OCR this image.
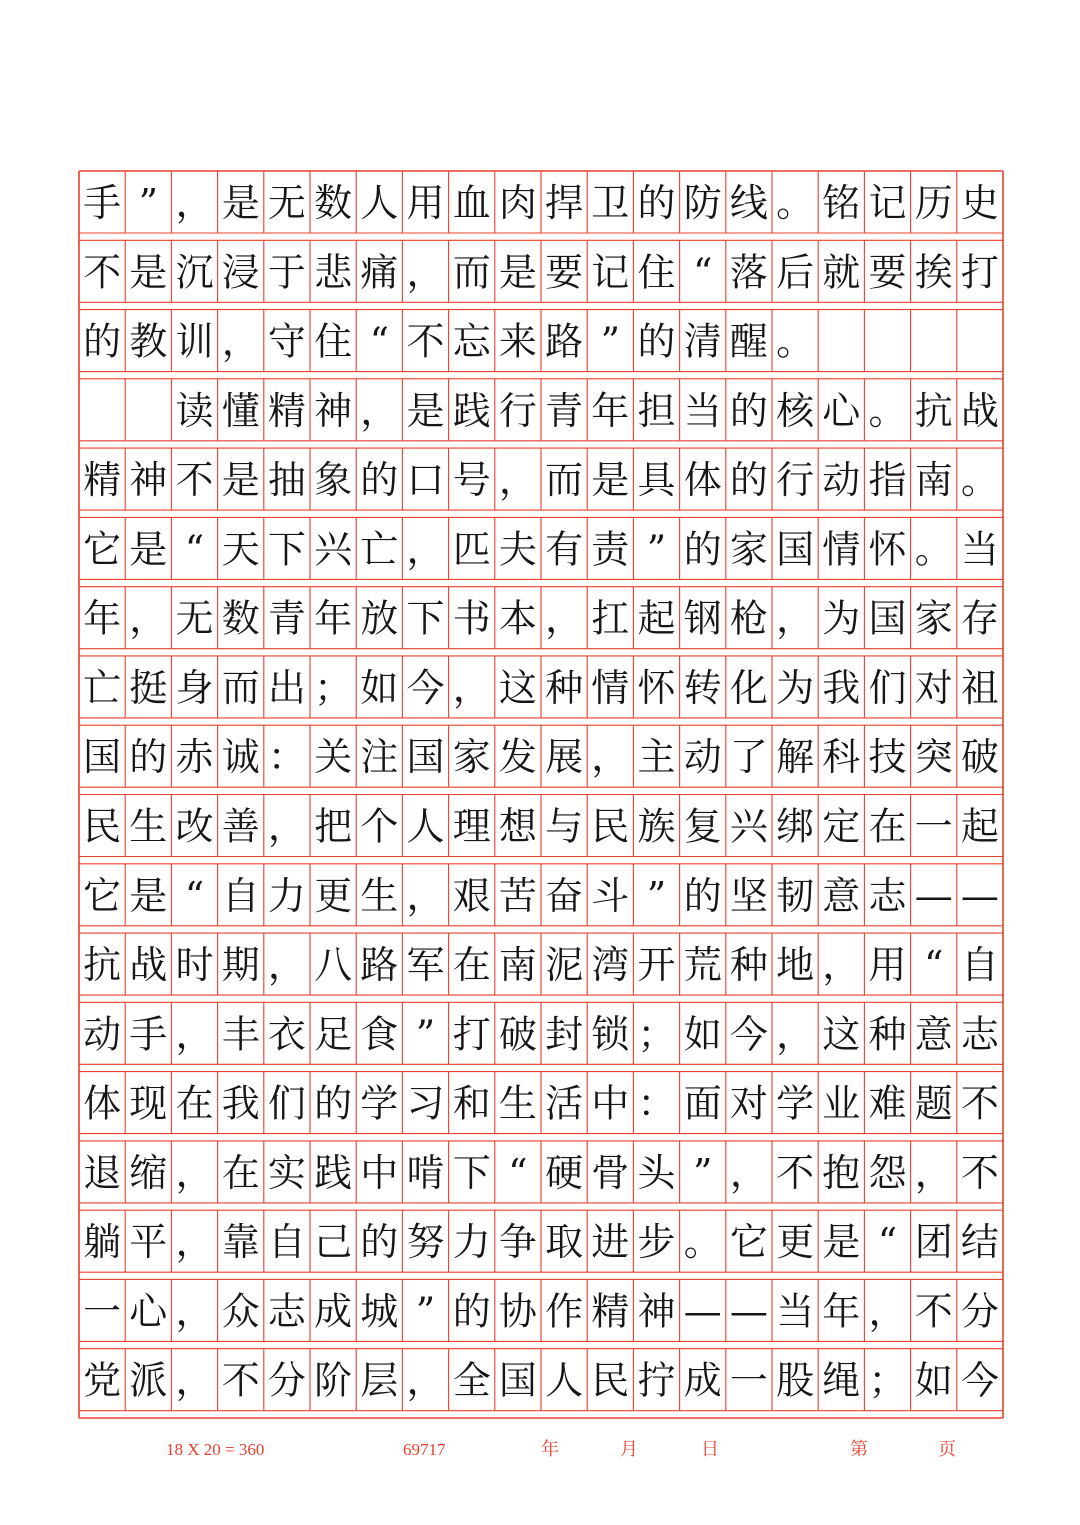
手 ” ， 是 无 数 人 用 血 肉 捍 卫 的 防 线 。 铭 记 历 史
不 是 沉 浸 于 悲 痛 ， 而 是 要 记 住 “ 落 后 就 要 挨 打
的 教 训 ， 守 住 “ 不 忘 来 路 ” 的 清 醒 。

读 懂 精 神 ， 是 践 行 青 年 担 当 的 核 心 。 抗 战
精 神 不 是 抽 象 的 口 号 ， 而 是 具 体 的 行 动 指 南 。
它 是 “ 天 下 兴 亡 ， 匹 夫 有 责 ” 的 家 国 情 怀 。 当
年 ， 无 数 青 年 放 下 书 本 ， 扛 起 钢 枪 ， 为 国 家 存
亡 挺 身 而 出 ； 如 今 ， 这 种 情 怀 转 化 为 我 们 对 祖
国 的 赤 诚 ： 关 注 国 家 发 展 ， 主 动 了 解 科 技 突 破
民 生 改 善 ， 把 个 人 理 想 与 民 族 复 兴 绑 定 在 一 起
它 是 “ 自 力 更 生 ， 艰 苦 奋 斗 ” 的 坚 韧 意 志 — —
抗 战 时 期 ， 八 路 军 在 南 泥 湾 开 荒 种 地 ， 用 “ 自
动 手 ， 丰 衣 足 食 ” 打 破 封 锁 ； 如 今 ， 这 种 意 志
体 现 在 我 们 的 学 习 和 生 活 中 ： 面 对 学 业 难 题 不
退 缩 ， 在 实 践 中 啃 下 “ 硬 骨 头 ” ， 不 抱 怨 ， 不
躺 平 ， 靠 自 己 的 努 力 争 取 进 步 。 它 更 是 “ 团 结
一 心 ， 众 志 成 城 ” 的 协 作 精 神 — — 当 年 ， 不 分
党 派 ， 不 分 阶 层 ， 全 国 人 民 拧 成 一 股 绳 ； 如 今
18 X 20 = 360	69717	年	月	日	第	页
